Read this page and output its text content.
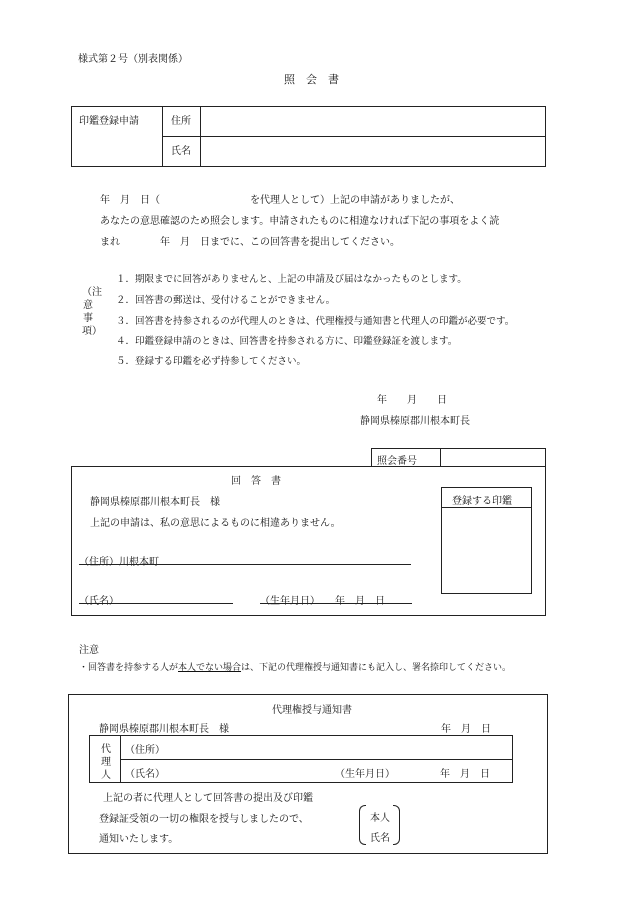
様式第２号（別表関係）
照　会　書
印鑑登録申請	住所
氏名
年　月　日（　　　　　　　　　を代理人として）上記の申請がありましたが、
あなたの意思確認のため照会します。申請されたものに相違なければ下記の事項をよく読
まれ　　　　年　月　日までに、この回答書を提出してください。
（注意事項）
１．期限までに回答がありませんと、上記の申請及び届はなかったものとします。
２．回答書の郵送は、受付けることができません。
３．回答書を持参されるのが代理人のときは、代理権授与通知書と代理人の印鑑が必要です。
４．印鑑登録申請のときは、回答書を持参される方に、印鑑登録証を渡します。
５．登録する印鑑を必ず持参してください。
年　　月　　日
静岡県榛原郡川根本町長
照会番号
回　答　書
静岡県榛原郡川根本町長　様
上記の申請は、私の意思によるものに相違ありません。
（住所）川根本町
（氏名）	（生年月日）　　年　月　日
登録する印鑑
注意
・回答書を持参する人が本人でない場合は、下記の代理権授与通知書にも記入し、署名捺印してください。
代理権授与通知書
静岡県榛原郡川根本町長　様	年　月　日
代
理
人
（住所）
（氏名）	（生年月日）	年　月　日
上記の者に代理人として回答書の提出及び印鑑
登録証受領の一切の権限を授与しましたので、
通知いたします。
本人
氏名
